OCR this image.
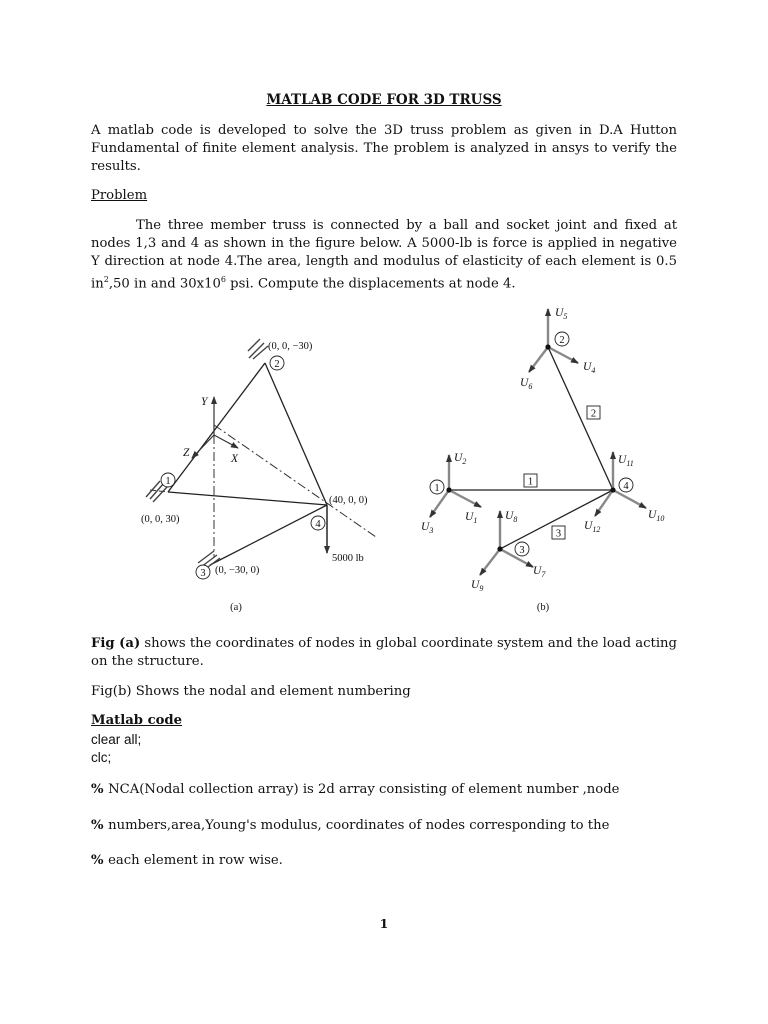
MATLAB CODE FOR 3D TRUSS
A matlab code is developed to solve the 3D truss problem as given in D.A Hutton Fundamental of finite element analysis. The problem is analyzed in ansys to verify the results.
Problem
The three member truss is connected by a ball and socket joint and fixed at nodes 1,3 and 4 as shown in the figure below. A 5000-lb is force is applied in negative Y direction at node 4.The area, length and modulus of elasticity of each element is 0.5 $in^2,50$ in and $30x10^6$ psi. Compute the displacements at node 4.
2
1
4
3
(0, 0, −30)
(0, 0, 30)
(40, 0, 0)
(0, −30, 0)
5000 lb
Y
Z	X
(a)
1
2
3
2
1	4
3
$U_5$
$U_4$
$U_6$
$U_2$
$U_1$
$U_3$
$U_{11}$
$U_{10}$
$U_{12}$
$U_8$
$U_7$
$U_9$
(b)
Fig (a) shows the coordinates of nodes in global coordinate system and the load acting on the structure.
Fig(b) Shows the nodal and element numbering
Matlab code
clear all;
clc;
% NCA(Nodal collection array) is 2d array consisting of element number ,node
% numbers,area,Young's modulus, coordinates of nodes corresponding to the
% each element in row wise.
1
